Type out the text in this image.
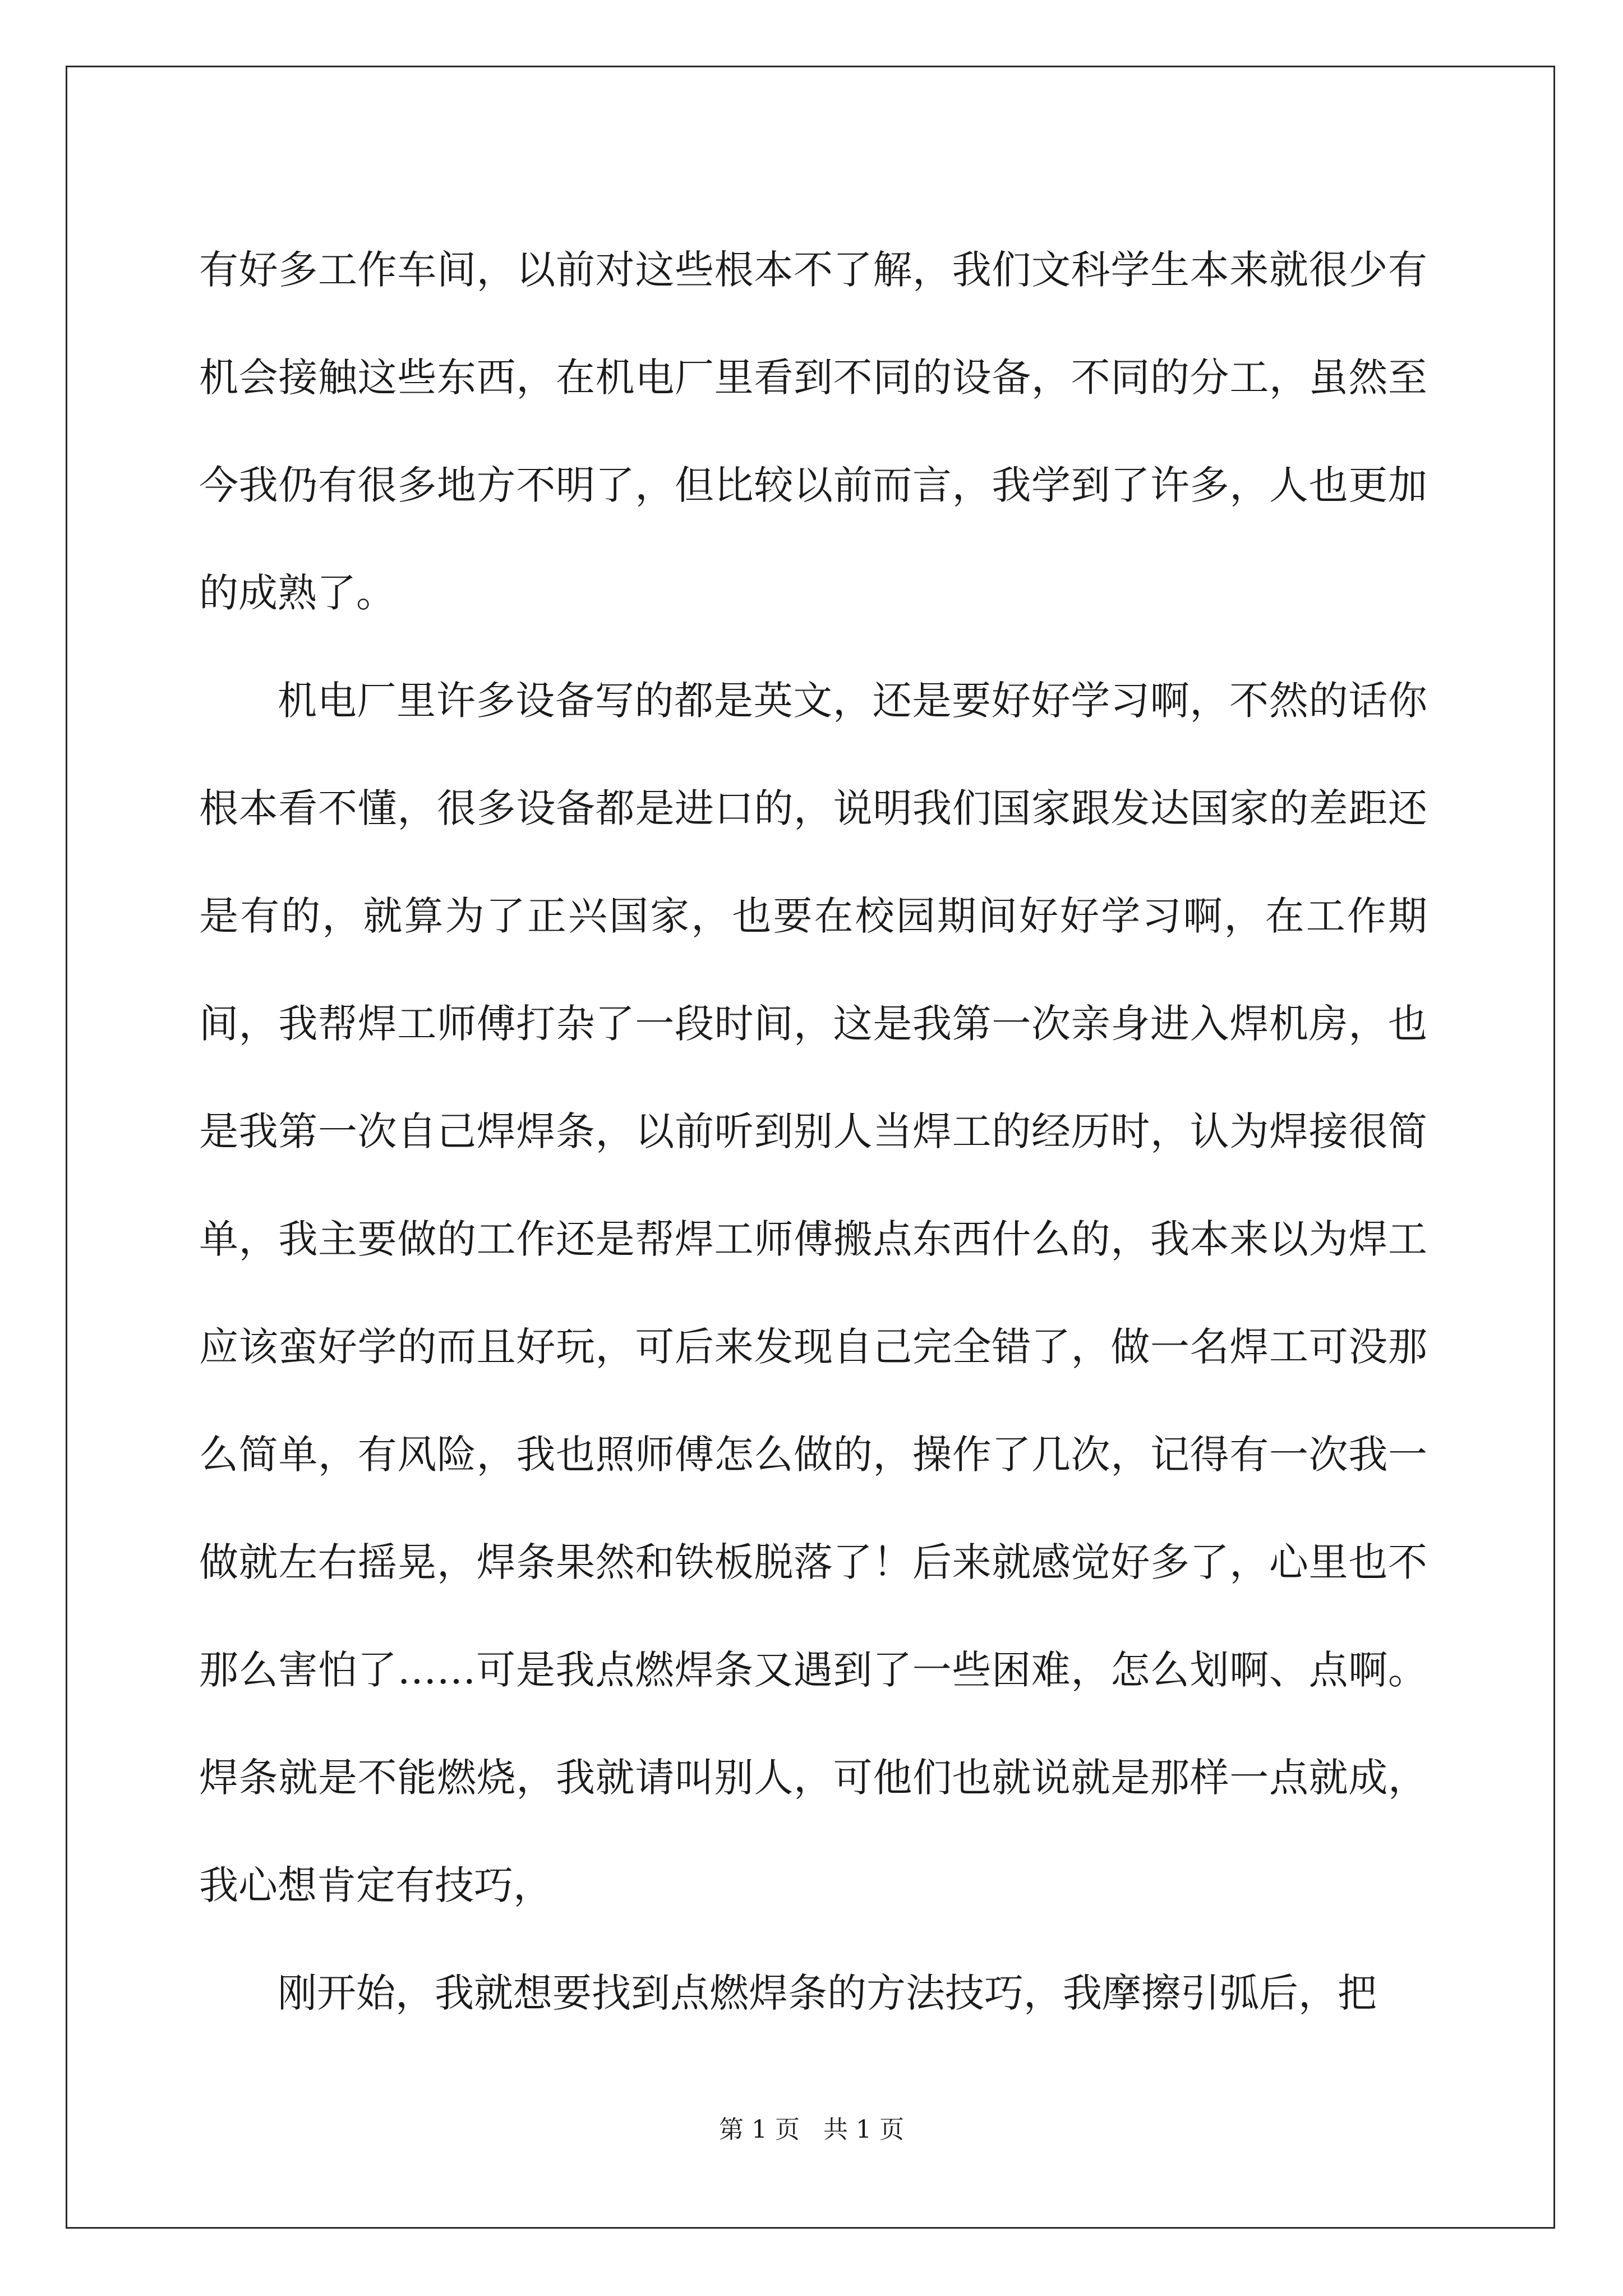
有好多工作车间，以前对这些根本不了解，我们文科学生本来就很少有机会接触这些东西，在机电厂里看到不同的设备，不同的分工，虽然至今我仍有很多地方不明了，但比较以前而言，我学到了许多，人也更加的成熟了。

机电厂里许多设备写的都是英文，还是要好好学习啊，不然的话你根本看不懂，很多设备都是进口的，说明我们国家跟发达国家的差距还是有的，就算为了正兴国家，也要在校园期间好好学习啊，在工作期间，我帮焊工师傅打杂了一段时间，这是我第一次亲身进入焊机房，也是我第一次自己焊焊条，以前听到别人当焊工的经历时，认为焊接很简单，我主要做的工作还是帮焊工师傅搬点东西什么的，我本来以为焊工应该蛮好学的而且好玩，可后来发现自己完全错了，做一名焊工可没那么简单，有风险，我也照师傅怎么做的，操作了几次，记得有一次我一做就左右摇晃，焊条果然和铁板脱落了！后来就感觉好多了，心里也不那么害怕了……可是我点燃焊条又遇到了一些困难，怎么划啊、点啊。焊条就是不能燃烧，我就请叫别人，可他们也就说就是那样一点就成，我心想肯定有技巧，

刚开始，我就想要找到点燃焊条的方法技巧，我摩擦引弧后，把

第 1 页   共 1 页
